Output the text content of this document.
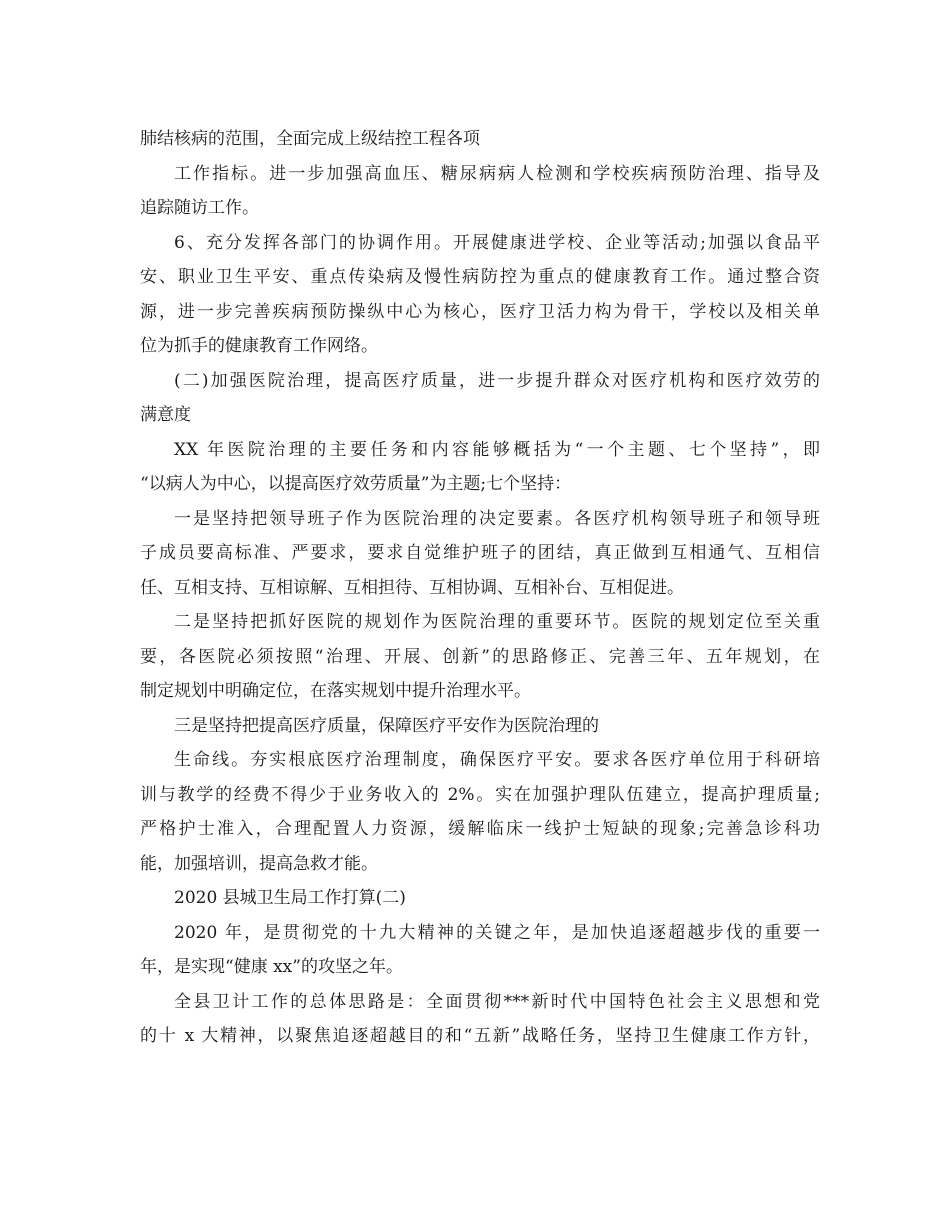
肺结核病的范围，全面完成上级结控工程各项
工作指标。进一步加强高血压、糖尿病病人检测和学校疾病预防治理、指导及
追踪随访工作。
6、充分发挥各部门的协调作用。开展健康进学校、企业等活动;加强以食品平
安、职业卫生平安、重点传染病及慢性病防控为重点的健康教育工作。通过整合资
源，进一步完善疾病预防操纵中心为核心，医疗卫活力构为骨干，学校以及相关单
位为抓手的健康教育工作网络。
(二)加强医院治理，提高医疗质量，进一步提升群众对医疗机构和医疗效劳的
满意度
XX 年医院治理的主要任务和内容能够概括为“一个主题、七个坚持”，即
“以病人为中心，以提高医疗效劳质量”为主题;七个坚持：
一是坚持把领导班子作为医院治理的决定要素。各医疗机构领导班子和领导班
子成员要高标准、严要求，要求自觉维护班子的团结，真正做到互相通气、互相信
任、互相支持、互相谅解、互相担待、互相协调、互相补台、互相促进。
二是坚持把抓好医院的规划作为医院治理的重要环节。医院的规划定位至关重
要，各医院必须按照“治理、开展、创新”的思路修正、完善三年、五年规划，在
制定规划中明确定位，在落实规划中提升治理水平。
三是坚持把提高医疗质量，保障医疗平安作为医院治理的
生命线。夯实根底医疗治理制度，确保医疗平安。要求各医疗单位用于科研培
训与教学的经费不得少于业务收入的 2%。实在加强护理队伍建立，提高护理质量;
严格护士准入，合理配置人力资源，缓解临床一线护士短缺的现象;完善急诊科功
能，加强培训，提高急救才能。
2020 县城卫生局工作打算(二)
2020 年，是贯彻党的十九大精神的关键之年，是加快追逐超越步伐的重要一
年，是实现“健康 xx”的攻坚之年。
全县卫计工作的总体思路是：全面贯彻***新时代中国特色社会主义思想和党
的十 x 大精神，以聚焦追逐超越目的和“五新”战略任务，坚持卫生健康工作方针，
